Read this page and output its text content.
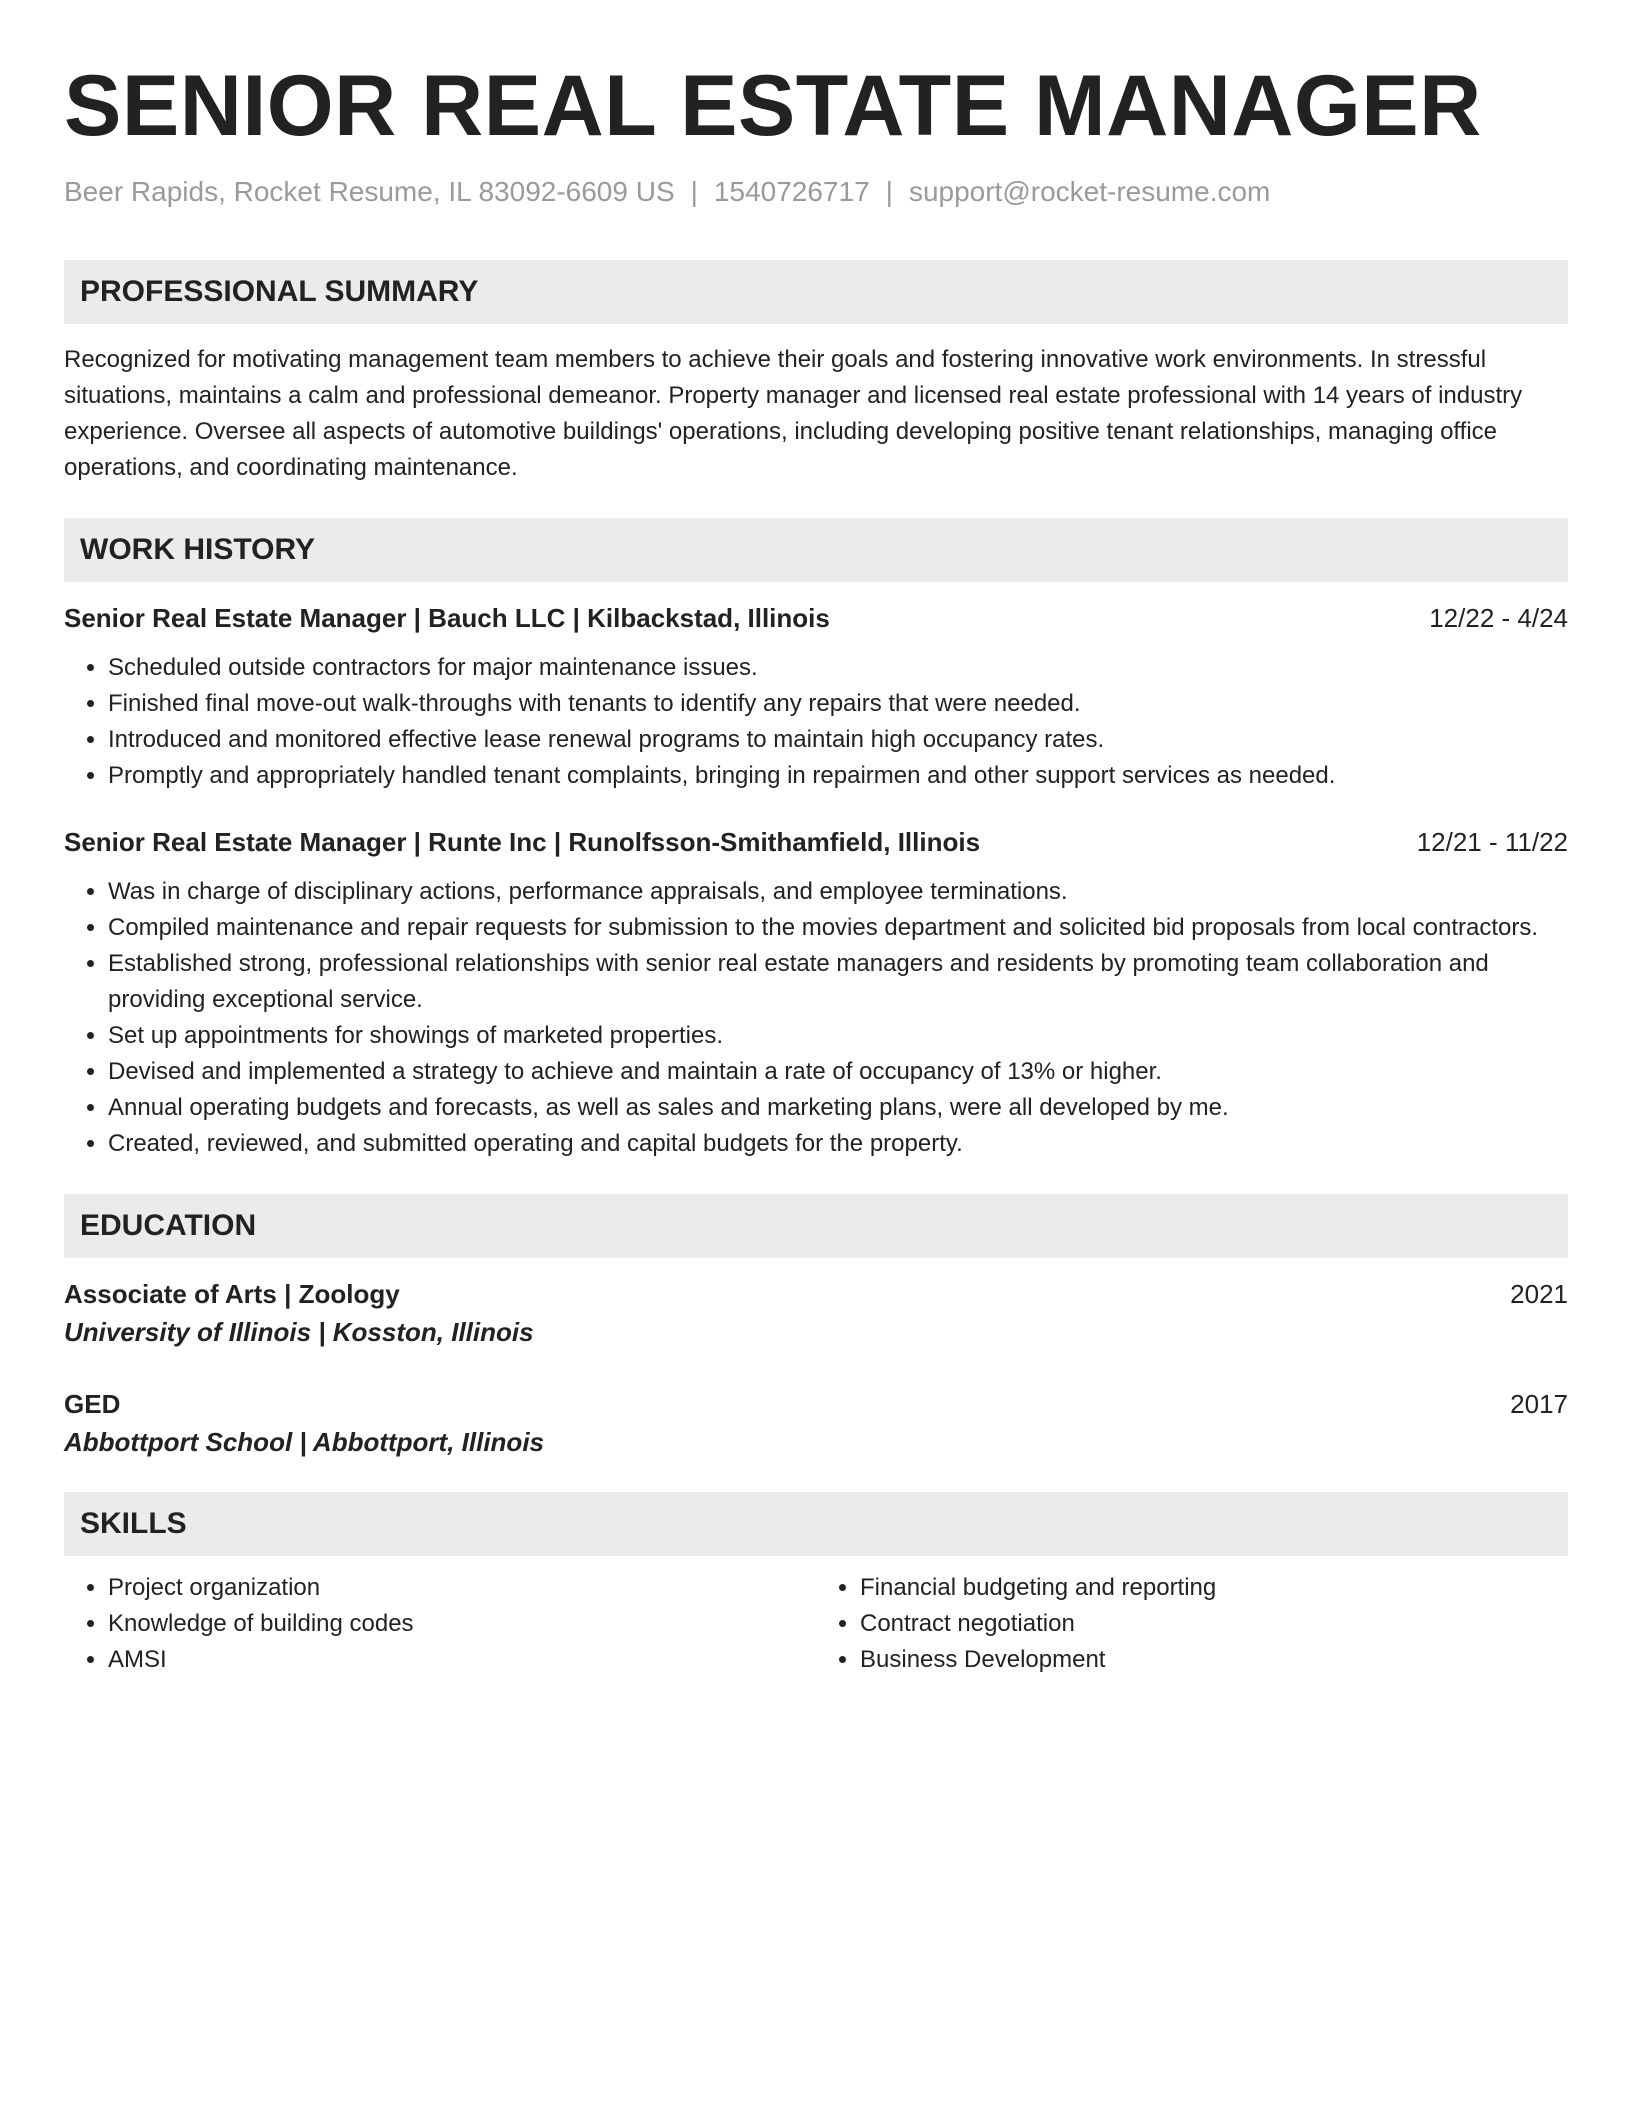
SENIOR REAL ESTATE MANAGER
Beer Rapids, Rocket Resume, IL 83092-6609 US | 1540726717 | support@rocket-resume.com
PROFESSIONAL SUMMARY
Recognized for motivating management team members to achieve their goals and fostering innovative work environments. In stressful situations, maintains a calm and professional demeanor. Property manager and licensed real estate professional with 14 years of industry experience. Oversee all aspects of automotive buildings' operations, including developing positive tenant relationships, managing office operations, and coordinating maintenance.
WORK HISTORY
Senior Real Estate Manager | Bauch LLC | Kilbackstad, Illinois	12/22 - 4/24
• Scheduled outside contractors for major maintenance issues.
• Finished final move-out walk-throughs with tenants to identify any repairs that were needed.
• Introduced and monitored effective lease renewal programs to maintain high occupancy rates.
• Promptly and appropriately handled tenant complaints, bringing in repairmen and other support services as needed.
Senior Real Estate Manager | Runte Inc | Runolfsson-Smithamfield, Illinois	12/21 - 11/22
• Was in charge of disciplinary actions, performance appraisals, and employee terminations.
• Compiled maintenance and repair requests for submission to the movies department and solicited bid proposals from local contractors.
• Established strong, professional relationships with senior real estate managers and residents by promoting team collaboration and providing exceptional service.
• Set up appointments for showings of marketed properties.
• Devised and implemented a strategy to achieve and maintain a rate of occupancy of 13% or higher.
• Annual operating budgets and forecasts, as well as sales and marketing plans, were all developed by me.
• Created, reviewed, and submitted operating and capital budgets for the property.
EDUCATION
Associate of Arts | Zoology	2021
University of Illinois | Kosston, Illinois
GED	2017
Abbottport School | Abbottport, Illinois
SKILLS
• Project organization
• Knowledge of building codes
• AMSI
• Financial budgeting and reporting
• Contract negotiation
• Business Development
